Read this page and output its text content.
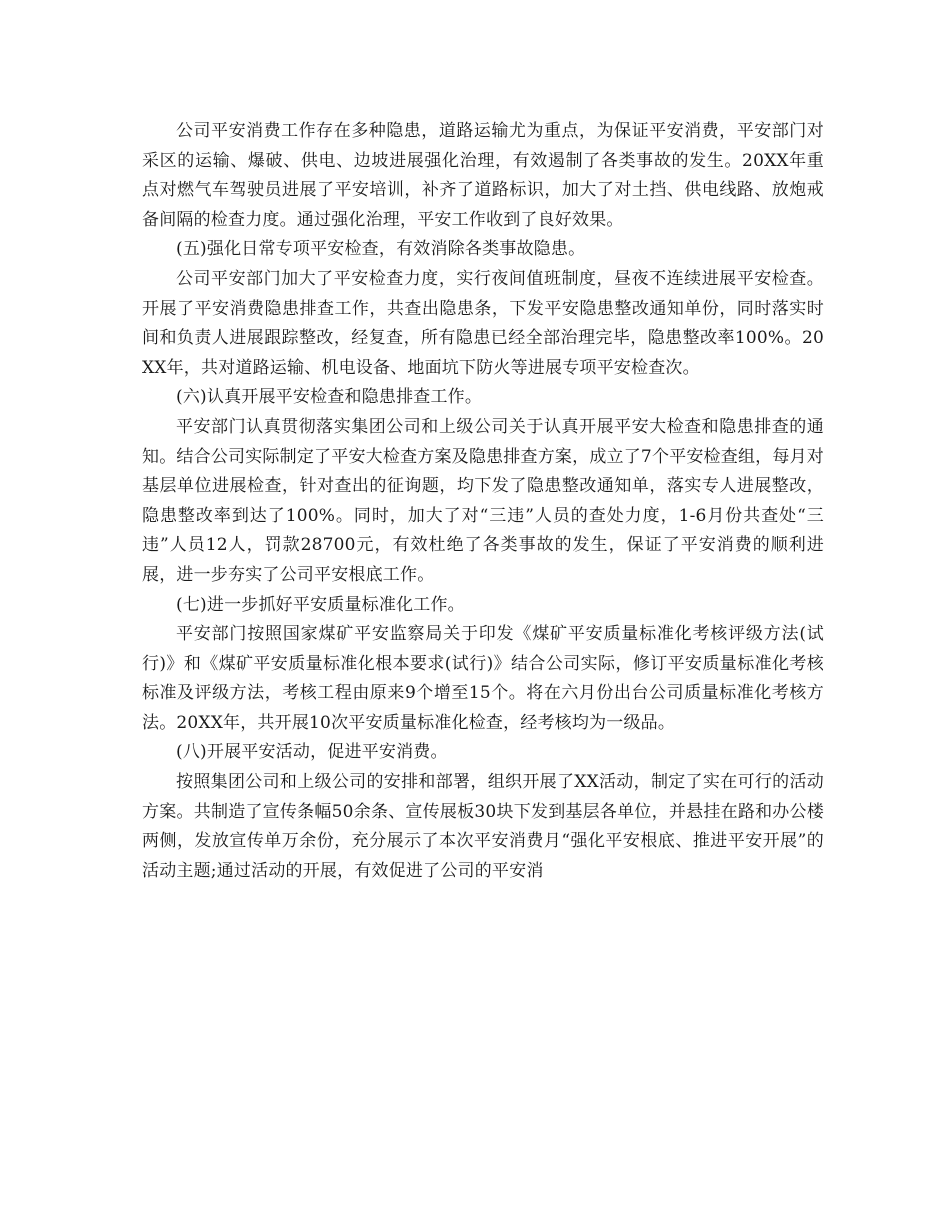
公司平安消费工作存在多种隐患，道路运输尤为重点，为保证平安消费，平安部门对采区的运输、爆破、供电、边坡进展强化治理，有效遏制了各类事故的发生。20XX年重点对燃气车驾驶员进展了平安培训，补齐了道路标识，加大了对土挡、供电线路、放炮戒备间隔的检查力度。通过强化治理，平安工作收到了良好效果。

(五)强化日常专项平安检查，有效消除各类事故隐患。

公司平安部门加大了平安检查力度，实行夜间值班制度，昼夜不连续进展平安检查。开展了平安消费隐患排查工作，共查出隐患条，下发平安隐患整改通知单份，同时落实时间和负责人进展跟踪整改，经复查，所有隐患已经全部治理完毕，隐患整改率100%。20XX年，共对道路运输、机电设备、地面坑下防火等进展专项平安检查次。

(六)认真开展平安检查和隐患排查工作。

平安部门认真贯彻落实集团公司和上级公司关于认真开展平安大检查和隐患排查的通知。结合公司实际制定了平安大检查方案及隐患排查方案，成立了7个平安检查组，每月对基层单位进展检查，针对查出的征询题，均下发了隐患整改通知单，落实专人进展整改，隐患整改率到达了100%。同时，加大了对“三违”人员的查处力度，1-6月份共查处“三违”人员12人，罚款28700元，有效杜绝了各类事故的发生，保证了平安消费的顺利进展，进一步夯实了公司平安根底工作。

(七)进一步抓好平安质量标准化工作。

平安部门按照国家煤矿平安监察局关于印发《煤矿平安质量标准化考核评级方法(试行)》和《煤矿平安质量标准化根本要求(试行)》结合公司实际，修订平安质量标准化考核标准及评级方法，考核工程由原来9个增至15个。将在六月份出台公司质量标准化考核方法。20XX年，共开展10次平安质量标准化检查，经考核均为一级品。

(八)开展平安活动，促进平安消费。

按照集团公司和上级公司的安排和部署，组织开展了XX活动，制定了实在可行的活动方案。共制造了宣传条幅50余条、宣传展板30块下发到基层各单位，并悬挂在路和办公楼两侧，发放宣传单万余份，充分展示了本次平安消费月“强化平安根底、推进平安开展”的活动主题;通过活动的开展，有效促进了公司的平安消
